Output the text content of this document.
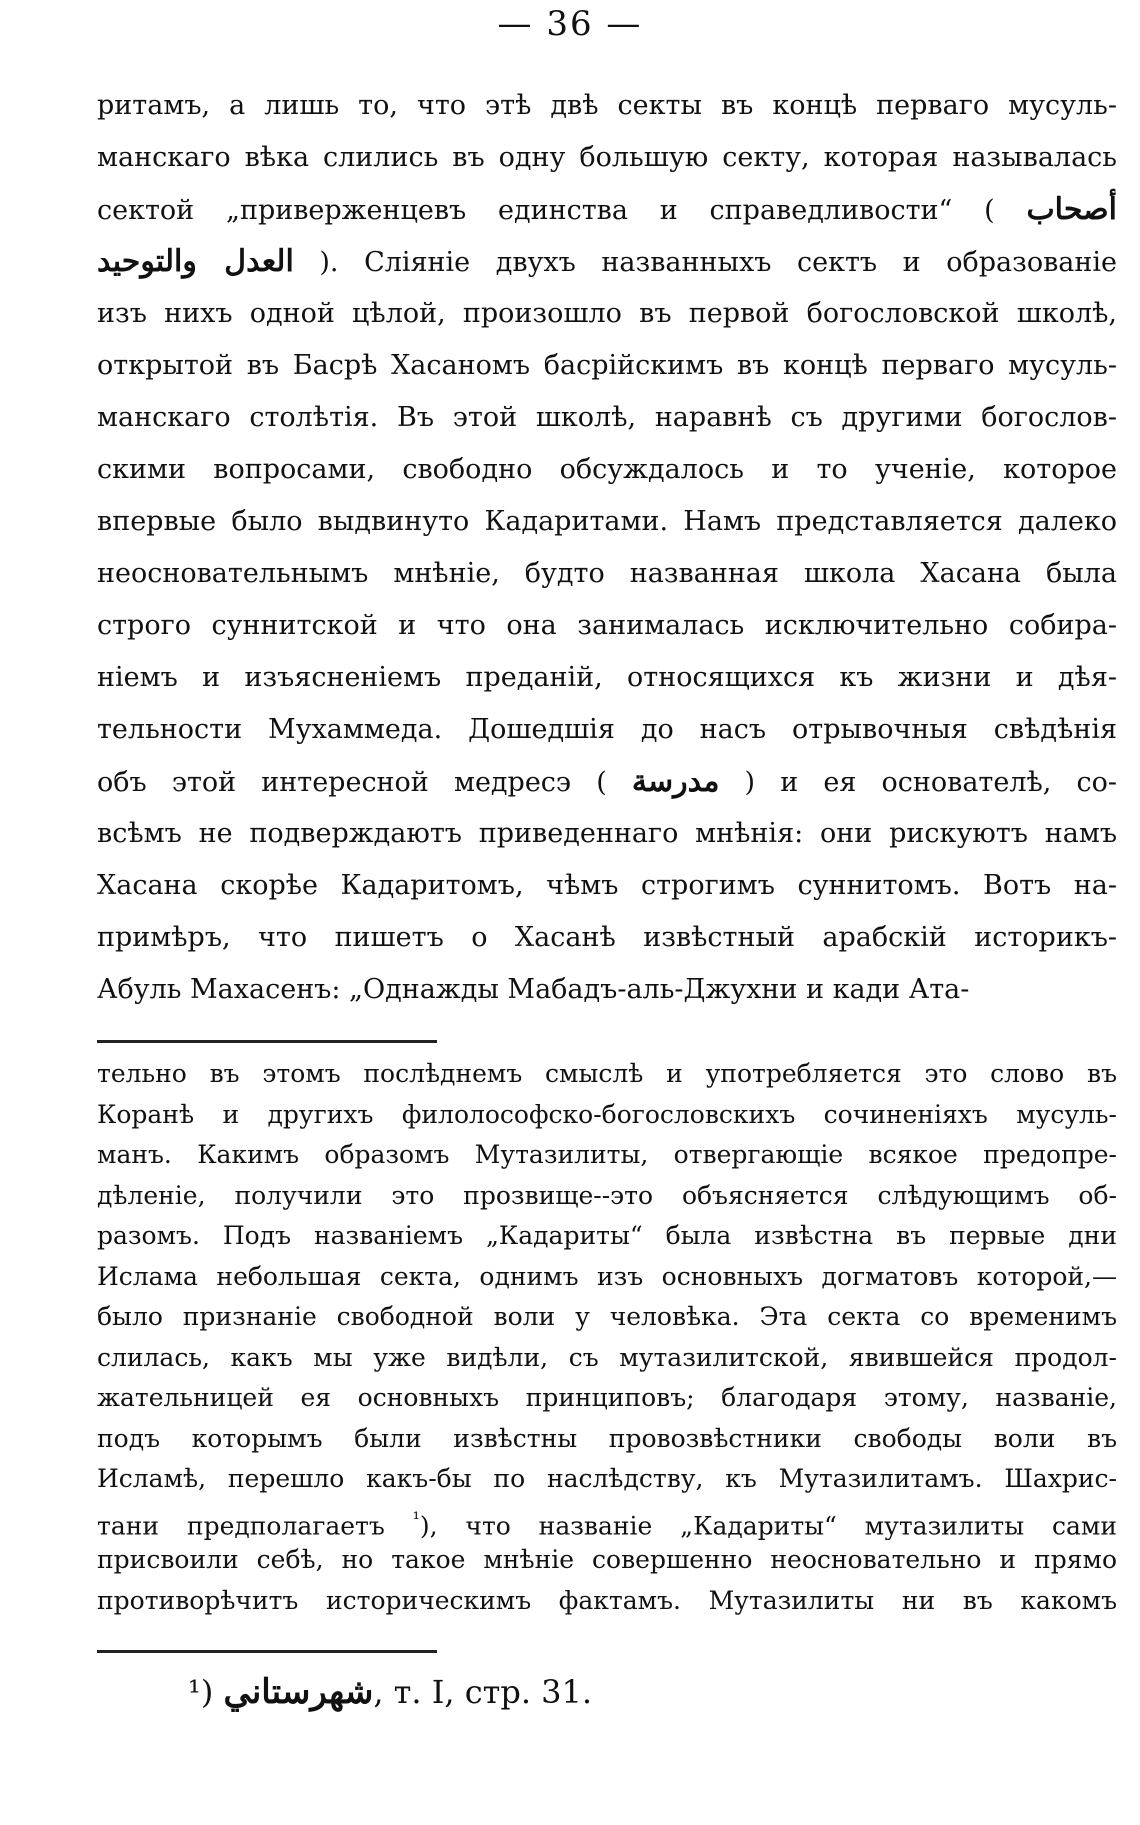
— 36 —
ритамъ, а лишь то, что этѣ двѣ секты въ концѣ перваго мусуль-
манскаго вѣка слились въ одну большую секту, которая называлась
сектой „приверженцевъ единства и справедливости“ ( أصحاب
العدل والتوحيد ). Сліяніе двухъ названныхъ сектъ и образованіе
изъ нихъ одной цѣлой, произошло въ первой богословской школѣ,
открытой въ Басрѣ Хасаномъ басрійскимъ въ концѣ перваго мусуль-
манскаго столѣтія. Въ этой школѣ, наравнѣ съ другими богослов-
скими вопросами, свободно обсуждалось и то ученіе, которое
впервые было выдвинуто Кадаритами. Намъ представляется далеко
неосновательнымъ мнѣніе, будто названная школа Хасана была
строго суннитской и что она занималась исключительно собира-
ніемъ и изъясненіемъ преданій, относящихся къ жизни и дѣя-
тельности Мухаммеда. Дошедшія до насъ отрывочныя свѣдѣнія
объ этой интересной медресэ ( مدرسة ) и ея основателѣ, со-
всѣмъ не подверждаютъ приведеннаго мнѣнія: они рискуютъ намъ
Хасана скорѣе Кадаритомъ, чѣмъ строгимъ суннитомъ. Вотъ на-
примѣръ, что пишетъ о Хасанѣ извѣстный арабскій историкъ-
Абуль Махасенъ: „Однажды Мабадъ-аль-Джухни и кади Ата-
тельно въ этомъ послѣднемъ смыслѣ и употребляется это слово въ
Коранѣ и другихъ филолософско-богословскихъ сочиненіяхъ мусуль-
манъ. Какимъ образомъ Мутазилиты, отвергающіе всякое предопре-
дѣленіе, получили это прозвище--это объясняется слѣдующимъ об-
разомъ. Подъ названіемъ „Кадариты“ была извѣстна въ первые дни
Ислама небольшая секта, однимъ изъ основныхъ догматовъ которой,—
было признаніе свободной воли у человѣка. Эта секта со временимъ
слилась, какъ мы уже видѣли, съ мутазилитской, явившейся продол-
жательницей ея основныхъ принциповъ; благодаря этому, названіе,
подъ которымъ были извѣстны провозвѣстники свободы воли въ
Исламѣ, перешло какъ-бы по наслѣдству, къ Мутазилитамъ. Шахрис-
тани предполагаетъ $^{^1}$), что названіе „Кадариты“ мутазилиты сами
присвоили себѣ, но такое мнѣніе совершенно неосновательно и прямо
противорѣчитъ историческимъ фактамъ. Мутазилиты ни въ какомъ
¹) شهرستاني, т. I, стр. 31.
